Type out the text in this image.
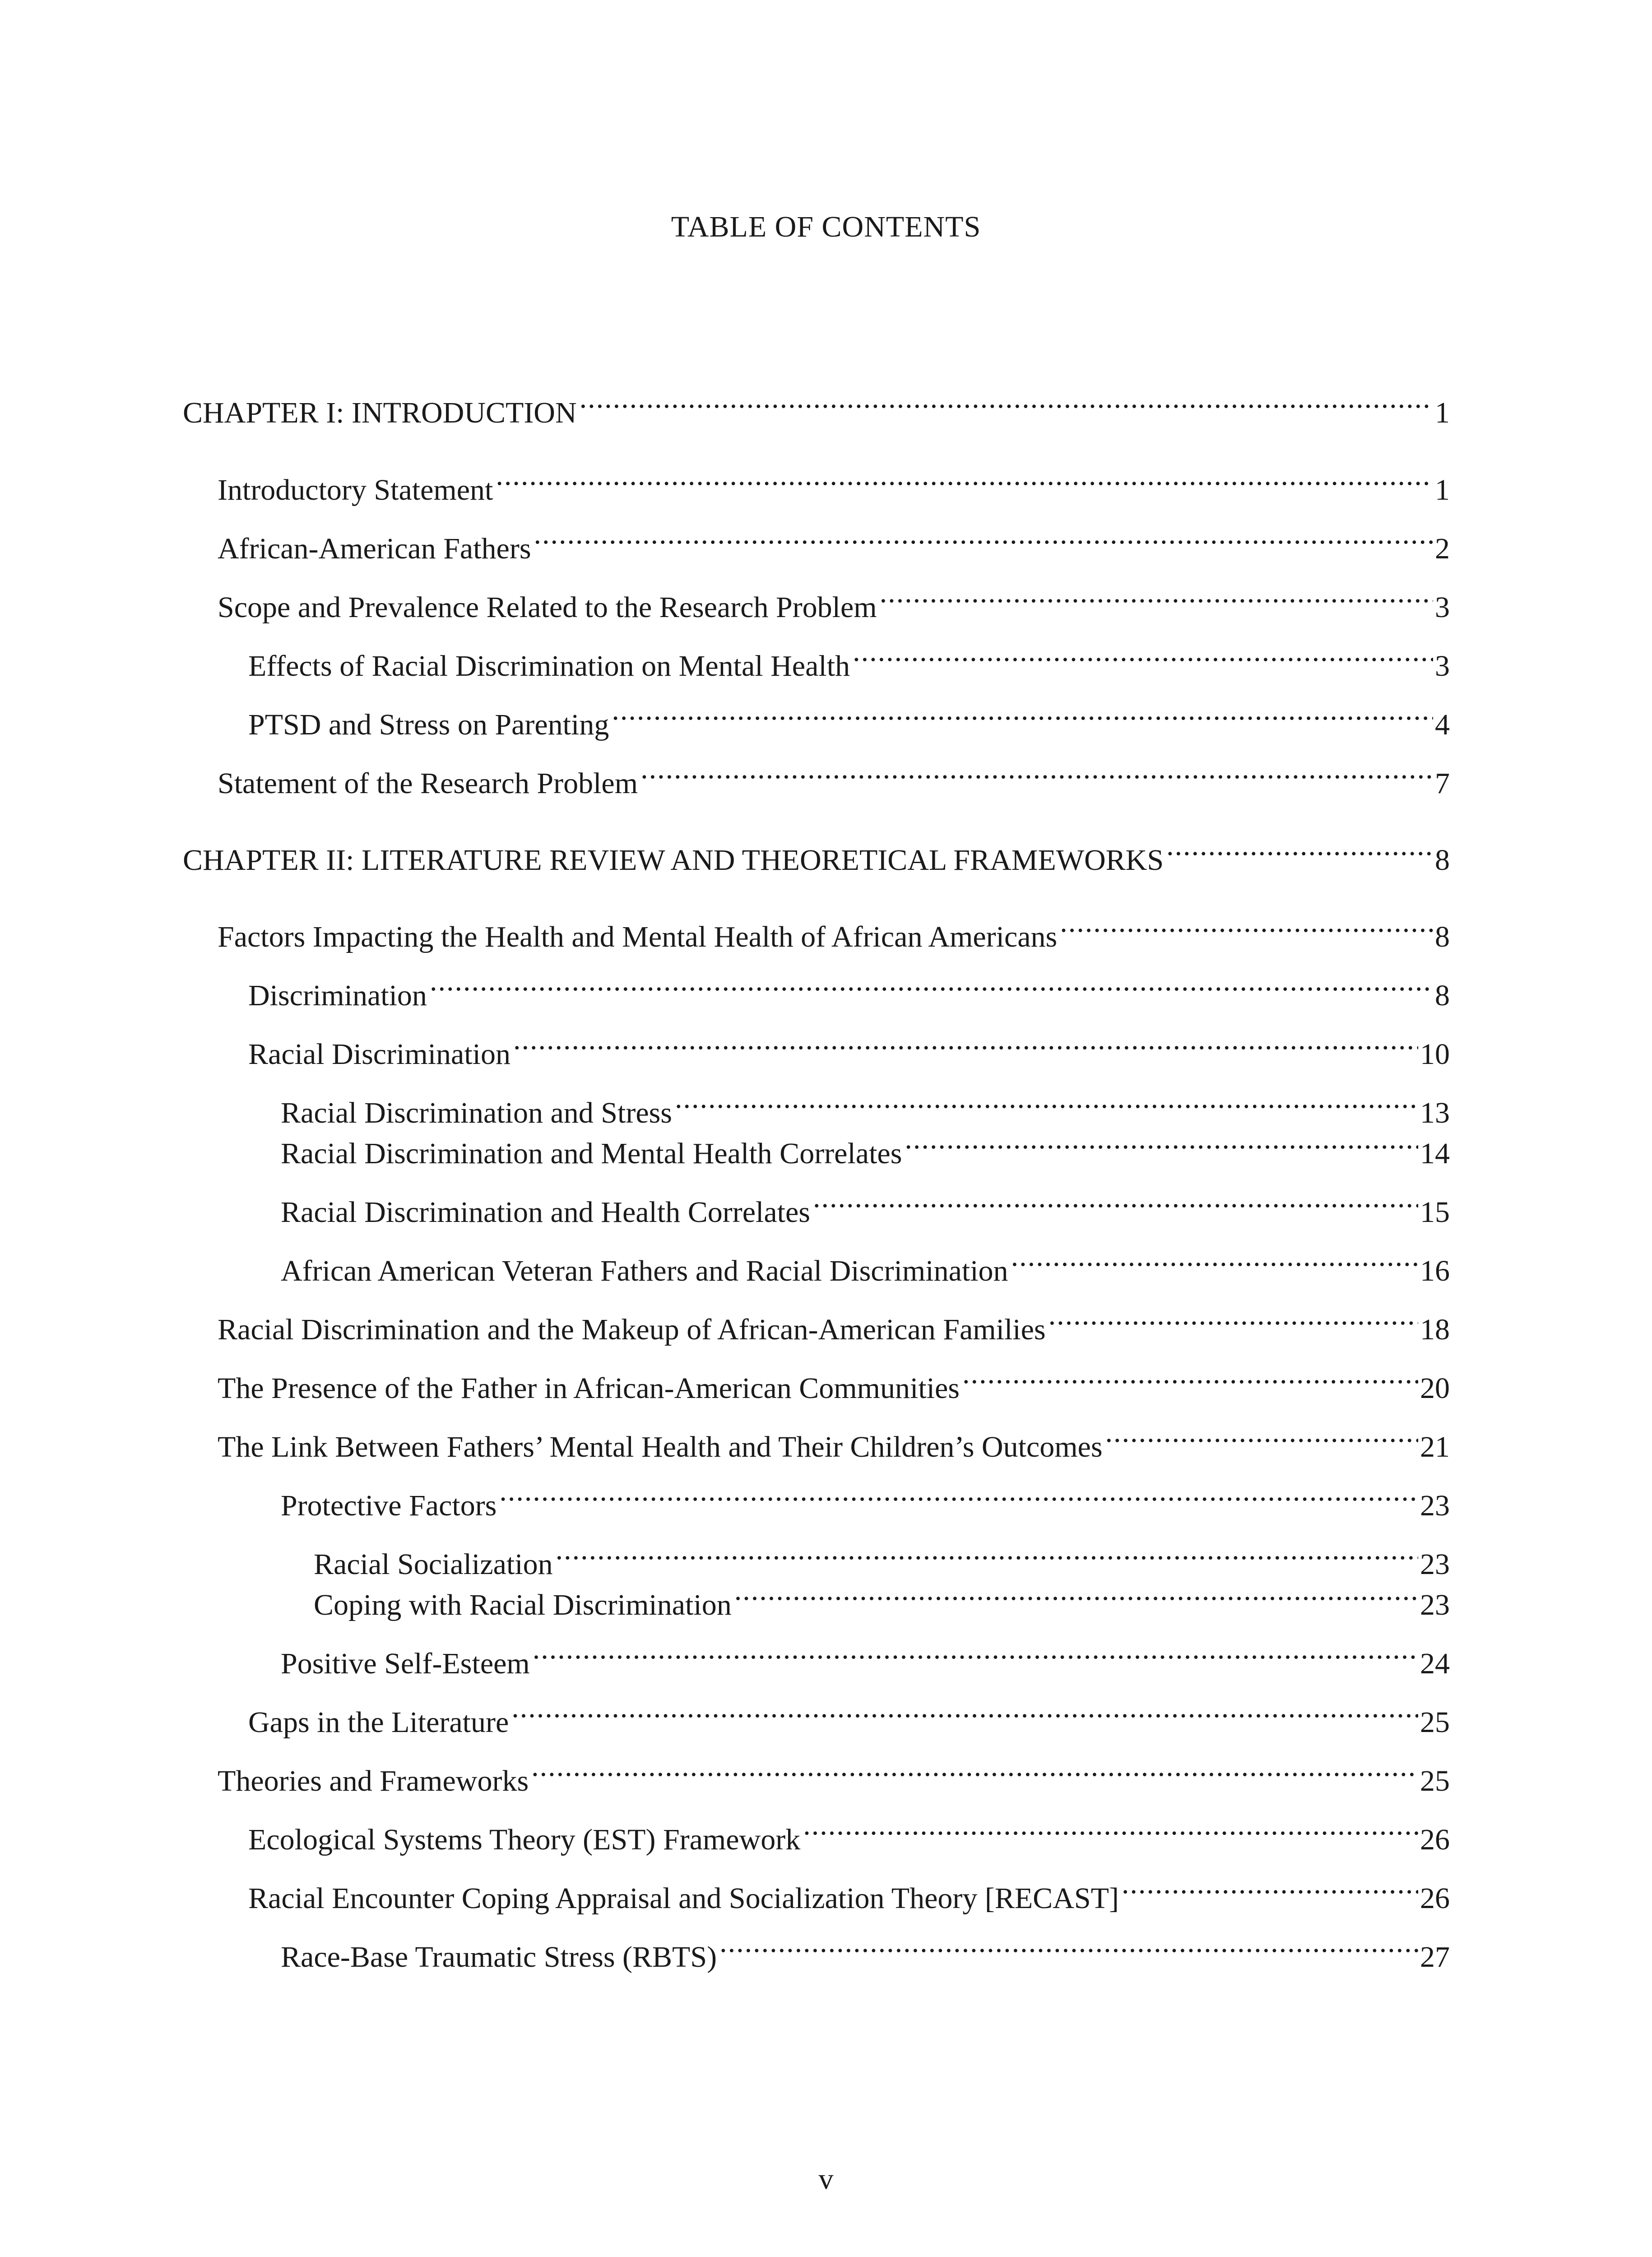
TABLE OF CONTENTS
CHAPTER I: INTRODUCTION .....	1
Introductory Statement .....	1
African-American Fathers .....	2
Scope and Prevalence Related to the Research Problem .....	3
Effects of Racial Discrimination on Mental Health .....	3
PTSD and Stress on Parenting .....	4
Statement of the Research Problem .....	7
CHAPTER II: LITERATURE REVIEW AND THEORETICAL FRAMEWORKS .....	8
Factors Impacting the Health and Mental Health of African Americans .....	8
Discrimination .....	8
Racial Discrimination .....	10
Racial Discrimination and Stress .....	13
Racial Discrimination and Mental Health Correlates .....	14
Racial Discrimination and Health Correlates .....	15
African American Veteran Fathers and Racial Discrimination .....	16
Racial Discrimination and the Makeup of African-American Families .....	18
The Presence of the Father in African-American Communities .....	20
The Link Between Fathers’ Mental Health and Their Children’s Outcomes .....	21
Protective Factors .....	23
Racial Socialization .....	23
Coping with Racial Discrimination .....	23
Positive Self-Esteem .....	24
Gaps in the Literature .....	25
Theories and Frameworks .....	25
Ecological Systems Theory (EST) Framework .....	26
Racial Encounter Coping Appraisal and Socialization Theory [RECAST] .....	26
Race-Base Traumatic Stress (RBTS) .....	27
v
